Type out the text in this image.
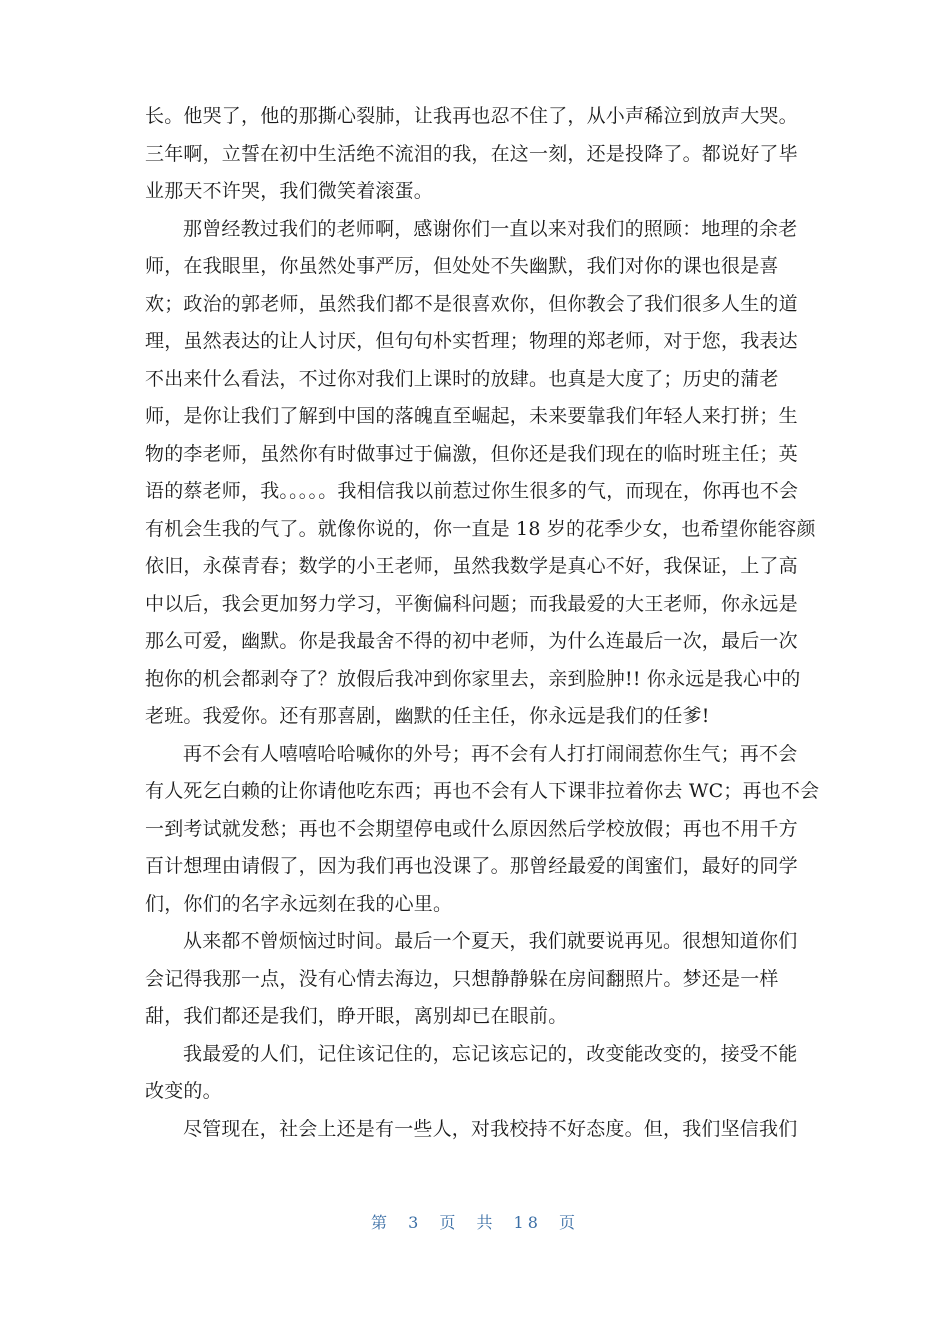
长。他哭了，他的那撕心裂肺，让我再也忍不住了，从小声稀泣到放声大哭。
三年啊，立誓在初中生活绝不流泪的我，在这一刻，还是投降了。都说好了毕
业那天不许哭，我们微笑着滚蛋。
那曾经教过我们的老师啊，感谢你们一直以来对我们的照顾：地理的余老
师，在我眼里，你虽然处事严厉，但处处不失幽默，我们对你的课也很是喜
欢；政治的郭老师，虽然我们都不是很喜欢你，但你教会了我们很多人生的道
理，虽然表达的让人讨厌，但句句朴实哲理；物理的郑老师，对于您，我表达
不出来什么看法，不过你对我们上课时的放肆。也真是大度了；历史的蒲老
师，是你让我们了解到中国的落魄直至崛起，未来要靠我们年轻人来打拼；生
物的李老师，虽然你有时做事过于偏激，但你还是我们现在的临时班主任；英
语的蔡老师，我。。。。。我相信我以前惹过你生很多的气，而现在，你再也不会
有机会生我的气了。就像你说的，你一直是 18 岁的花季少女，也希望你能容颜
依旧，永葆青春；数学的小王老师，虽然我数学是真心不好，我保证，上了高
中以后，我会更加努力学习，平衡偏科问题；而我最爱的大王老师，你永远是
那么可爱，幽默。你是我最舍不得的初中老师，为什么连最后一次，最后一次
抱你的机会都剥夺了？放假后我冲到你家里去，亲到脸肿!! 你永远是我心中的
老班。我爱你。还有那喜剧，幽默的任主任，你永远是我们的任爹!
再不会有人嘻嘻哈哈喊你的外号；再不会有人打打闹闹惹你生气；再不会
有人死乞白赖的让你请他吃东西；再也不会有人下课非拉着你去 WC；再也不会
一到考试就发愁；再也不会期望停电或什么原因然后学校放假；再也不用千方
百计想理由请假了，因为我们再也没课了。那曾经最爱的闺蜜们，最好的同学
们，你们的名字永远刻在我的心里。
从来都不曾烦恼过时间。最后一个夏天，我们就要说再见。很想知道你们
会记得我那一点，没有心情去海边，只想静静躲在房间翻照片。梦还是一样
甜，我们都还是我们，睁开眼，离别却已在眼前。
我最爱的人们，记住该记住的，忘记该忘记的，改变能改变的，接受不能
改变的。
尽管现在，社会上还是有一些人，对我校持不好态度。但，我们坚信我们
第 3 页 共 18 页
